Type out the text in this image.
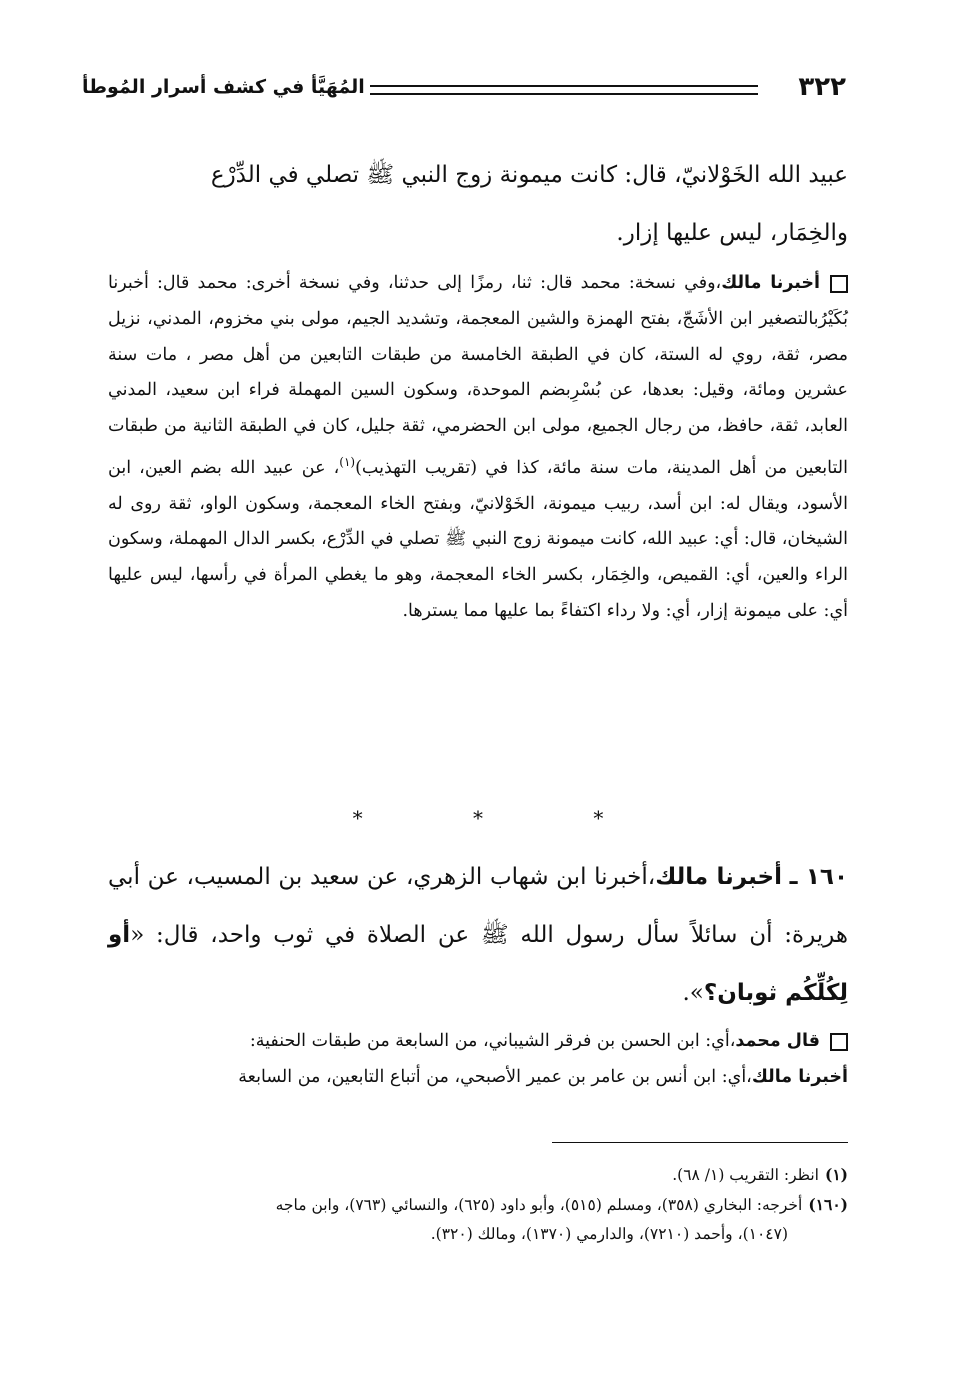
٣٢٢
المُهَيَّأ في كشف أسرار المُوطأ
عبيد الله الخَوْلانيّ، قال: كانت ميمونة زوج النبي ﷺ تصلي في الدِّرْع
والخِمَار، ليس عليها إزار.
أخبرنا مالك،وفي نسخة: محمد قال: ثنا، رمزًا إلى حدثنا، وفي نسخة أخرى: محمد قال: أخبرنا بُكَيْرُبالتصغير ابن الأشَجّ، بفتح الهمزة والشين المعجمة، وتشديد الجيم، مولى بني مخزوم، المدني، نزيل مصر، ثقة، روي له الستة، كان في الطبقة الخامسة من طبقات التابعين من أهل مصر ، مات سنة عشرين ومائة، وقيل: بعدها، عن بُسْرِبضم الموحدة، وسكون السين المهملة فراء ابن سعيد، المدني العابد، ثقة، حافظ، من رجال الجميع، مولى ابن الحضرمي، ثقة جليل، كان في الطبقة الثانية من طبقات التابعين من أهل المدينة، مات سنة مائة، كذا في (تقريب التهذيب)$^{(١)}$، عن عبيد الله بضم العين، ابن الأسود، ويقال له: ابن أسد، ربيب ميمونة، الخَوْلانيّ، وبفتح الخاء المعجمة، وسكون الواو، ثقة روى له الشيخان، قال: أي: عبيد الله، كانت ميمونة زوج النبي ﷺ تصلي في الدِّرْع، بكسر الدال المهملة، وسكون الراء والعين، أي: القميص، والخِمَار، بكسر الخاء المعجمة، وهو ما يغطي المرأة في رأسها، ليس عليها أي: على ميمونة إزار، أي: ولا رداء اكتفاءً بما عليها مما يسترها.
* * *
١٦٠ ـ أخبرنا مالك،أخبرنا ابن شهاب الزهري، عن سعيد بن المسيب، عن أبي هريرة: أن سائلاً سأل رسول الله ﷺ عن الصلاة في ثوب واحد، قال: «أو لِكُلِّكُم ثوبان؟».
قال محمد،أي: ابن الحسن بن فرقر الشيباني، من السابعة من طبقات الحنفية:
أخبرنا مالك،أي: ابن أنس بن عامر بن عمير الأصبحي، من أتباع التابعين، من السابعة
(١)انظر: التقريب (١/ ٦٨).
(١٦٠)أخرجه: البخاري (٣٥٨)، ومسلم (٥١٥)، وأبو داود (٦٢٥)، والنسائي (٧٦٣)، وابن ماجه
(١٠٤٧)، وأحمد (٧٢١٠)، والدارمي (١٣٧٠)، ومالك (٣٢٠).
